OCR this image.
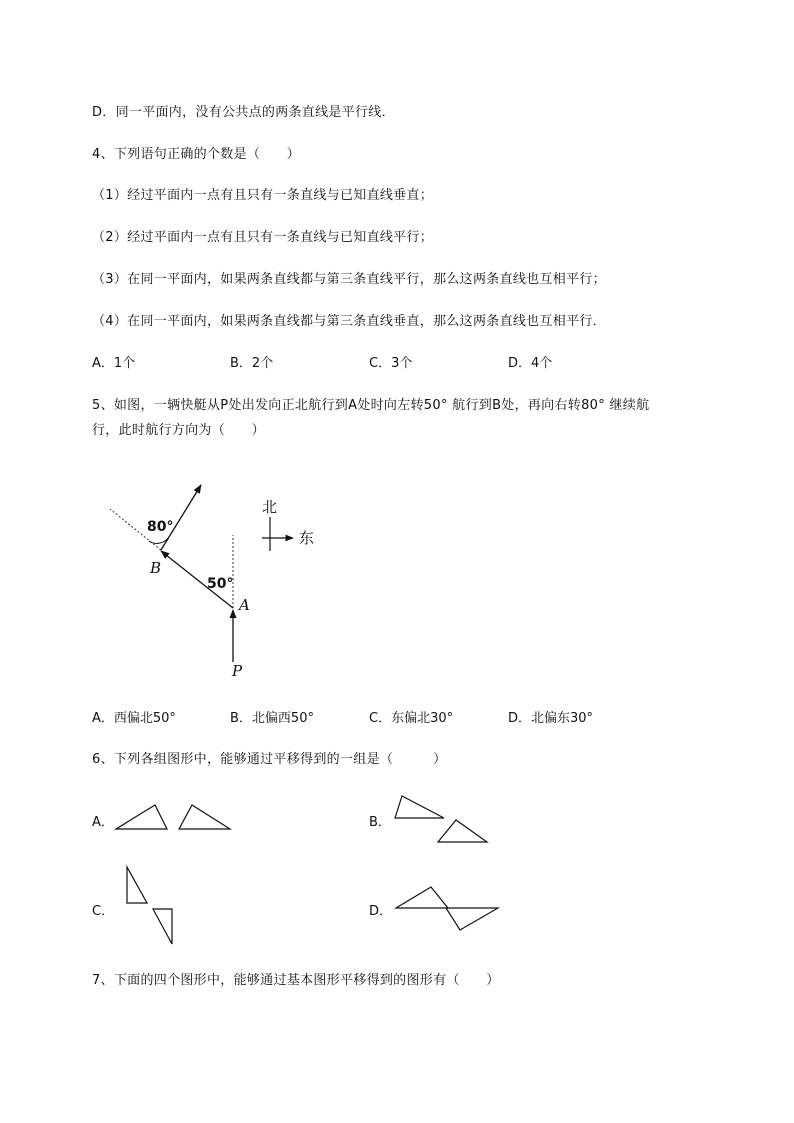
D．同一平面内，没有公共点的两条直线是平行线．
4、下列语句正确的个数是（　　）
（1）经过平面内一点有且只有一条直线与已知直线垂直；
（2）经过平面内一点有且只有一条直线与已知直线平行；
（3）在同一平面内，如果两条直线都与第三条直线平行，那么这两条直线也互相平行；
（4）在同一平面内，如果两条直线都与第三条直线垂直，那么这两条直线也互相平行．
A．1个	B．2个	C．3个	D．4个
5、如图，一辆快艇从P处出发向正北航行到A处时向左转50° 航行到B处，再向右转80° 继续航
行，此时航行方向为（　　）
80°
50°
B
A
P
北
东
A．西偏北50°	B．北偏西50°	C．东偏北30°	D．北偏东30°
6、下列各组图形中，能够通过平移得到的一组是（　　　）
A．	B．
C．	D．
7、下面的四个图形中，能够通过基本图形平移得到的图形有（　　）
